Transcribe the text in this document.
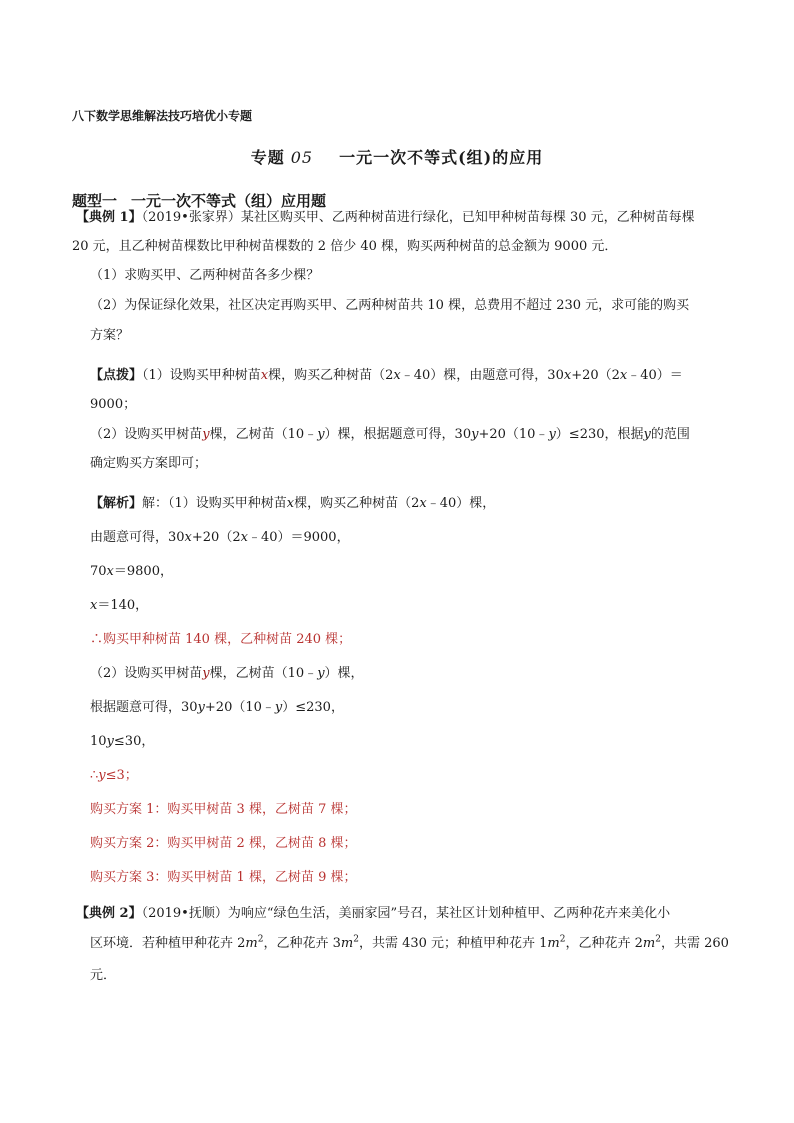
八下数学思维解法技巧培优小专题
专题 05 一元一次不等式(组)的应用
题型一 一元一次不等式（组）应用题
【典例 1】（2019•张家界）某社区购买甲、乙两种树苗进行绿化，已知甲种树苗每棵 30 元，乙种树苗每棵
20 元，且乙种树苗棵数比甲种树苗棵数的 2 倍少 40 棵，购买两种树苗的总金额为 9000 元．
（1）求购买甲、乙两种树苗各多少棵？
（2）为保证绿化效果，社区决定再购买甲、乙两种树苗共 10 棵，总费用不超过 230 元，求可能的购买
方案？
【点拨】（1）设购买甲种树苗x棵，购买乙种树苗（2x﹣40）棵，由题意可得，30x+20（2x﹣40）＝
9000；
（2）设购买甲树苗y棵，乙树苗（10﹣y）棵，根据题意可得，30y+20（10﹣y）≤230，根据y的范围
确定购买方案即可；
【解析】解：（1）设购买甲种树苗x棵，购买乙种树苗（2x﹣40）棵，
由题意可得，30x+20（2x﹣40）＝9000，
70x＝9800，
x＝140，
∴购买甲种树苗 140 棵，乙种树苗 240 棵；
（2）设购买甲树苗y棵，乙树苗（10﹣y）棵，
根据题意可得，30y+20（10﹣y）≤230，
10y≤30，
∴y≤3；
购买方案 1：购买甲树苗 3 棵，乙树苗 7 棵；
购买方案 2：购买甲树苗 2 棵，乙树苗 8 棵；
购买方案 3：购买甲树苗 1 棵，乙树苗 9 棵；
【典例 2】（2019•抚顺）为响应“绿色生活，美丽家园”号召，某社区计划种植甲、乙两种花卉来美化小
区环境．若种植甲种花卉 $2m^2$，乙种花卉 $3m^2$，共需 430 元；种植甲种花卉 $1m^2$，乙种花卉 $2m^2$，共需 260
元．
